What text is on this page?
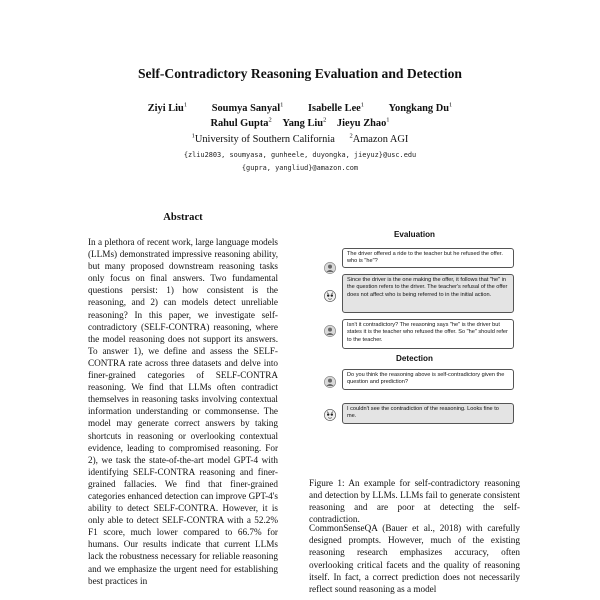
Self-Contradictory Reasoning Evaluation and Detection
Ziyi Liu$^1$ Soumya Sanyal$^1$ Isabelle Lee$^1$ Yongkang Du$^1$
Rahul Gupta$^2$ Yang Liu$^2$ Jieyu Zhao$^1$
$^1$University of Southern California $^2$Amazon AGI
{zliu2803, soumyasa, gunheele, duyongka, jieyuz}@usc.edu
{gupra, yangliud}@amazon.com
Abstract

In a plethora of recent work, large language models (LLMs) demonstrated impressive reasoning ability, but many proposed downstream reasoning tasks only focus on final answers. Two fundamental questions persist: 1) how consistent is the reasoning, and 2) can models detect unreliable reasoning? In this paper, we investigate self-contradictory (SELF-CONTRA) reasoning, where the model reasoning does not support its answers. To answer 1), we define and assess the SELF-CONTRA rate across three datasets and delve into finer-grained categories of SELF-CONTRA reasoning. We find that LLMs often contradict themselves in reasoning tasks involving contextual information understanding or commonsense. The model may generate correct answers by taking shortcuts in reasoning or overlooking contextual evidence, leading to compromised reasoning. For 2), we task the state-of-the-art model GPT-4 with identifying SELF-CONTRA reasoning and finer-grained fallacies. We find that finer-grained categories enhanced detection can improve GPT-4's ability to detect SELF-CONTRA. However, it is only able to detect SELF-CONTRA with a 52.2% F1 score, much lower compared to 66.7% for humans. Our results indicate that current LLMs lack the robustness necessary for reliable reasoning and we emphasize the urgent need for establishing best practices in

Evaluation
The driver offered a ride to the teacher but he refused the offer. who is "he"?
Since the driver is the one making the offer, it follows that "he" in the question refers to the driver. The teacher's refusal of the offer does not affect who is being referred to in the initial action.
Isn't it contradictory? The reasoning says "he" is the driver but states it is the teacher who refused the offer. So "he" should refer to the teacher.
Detection
Do you think the reasoning above is self-contradictory given the question and prediction?
I couldn't see the contradiction of the reasoning. Looks fine to me.
Figure 1: An example for self-contradictory reasoning and detection by LLMs. LLMs fail to generate consistent reasoning and are poor at detecting the self-contradiction.

CommonSenseQA (Bauer et al., 2018) with carefully designed prompts. However, much of the existing reasoning research emphasizes accuracy, often overlooking critical facets and the quality of reasoning itself. In fact, a correct prediction does not necessarily reflect sound reasoning as a model
